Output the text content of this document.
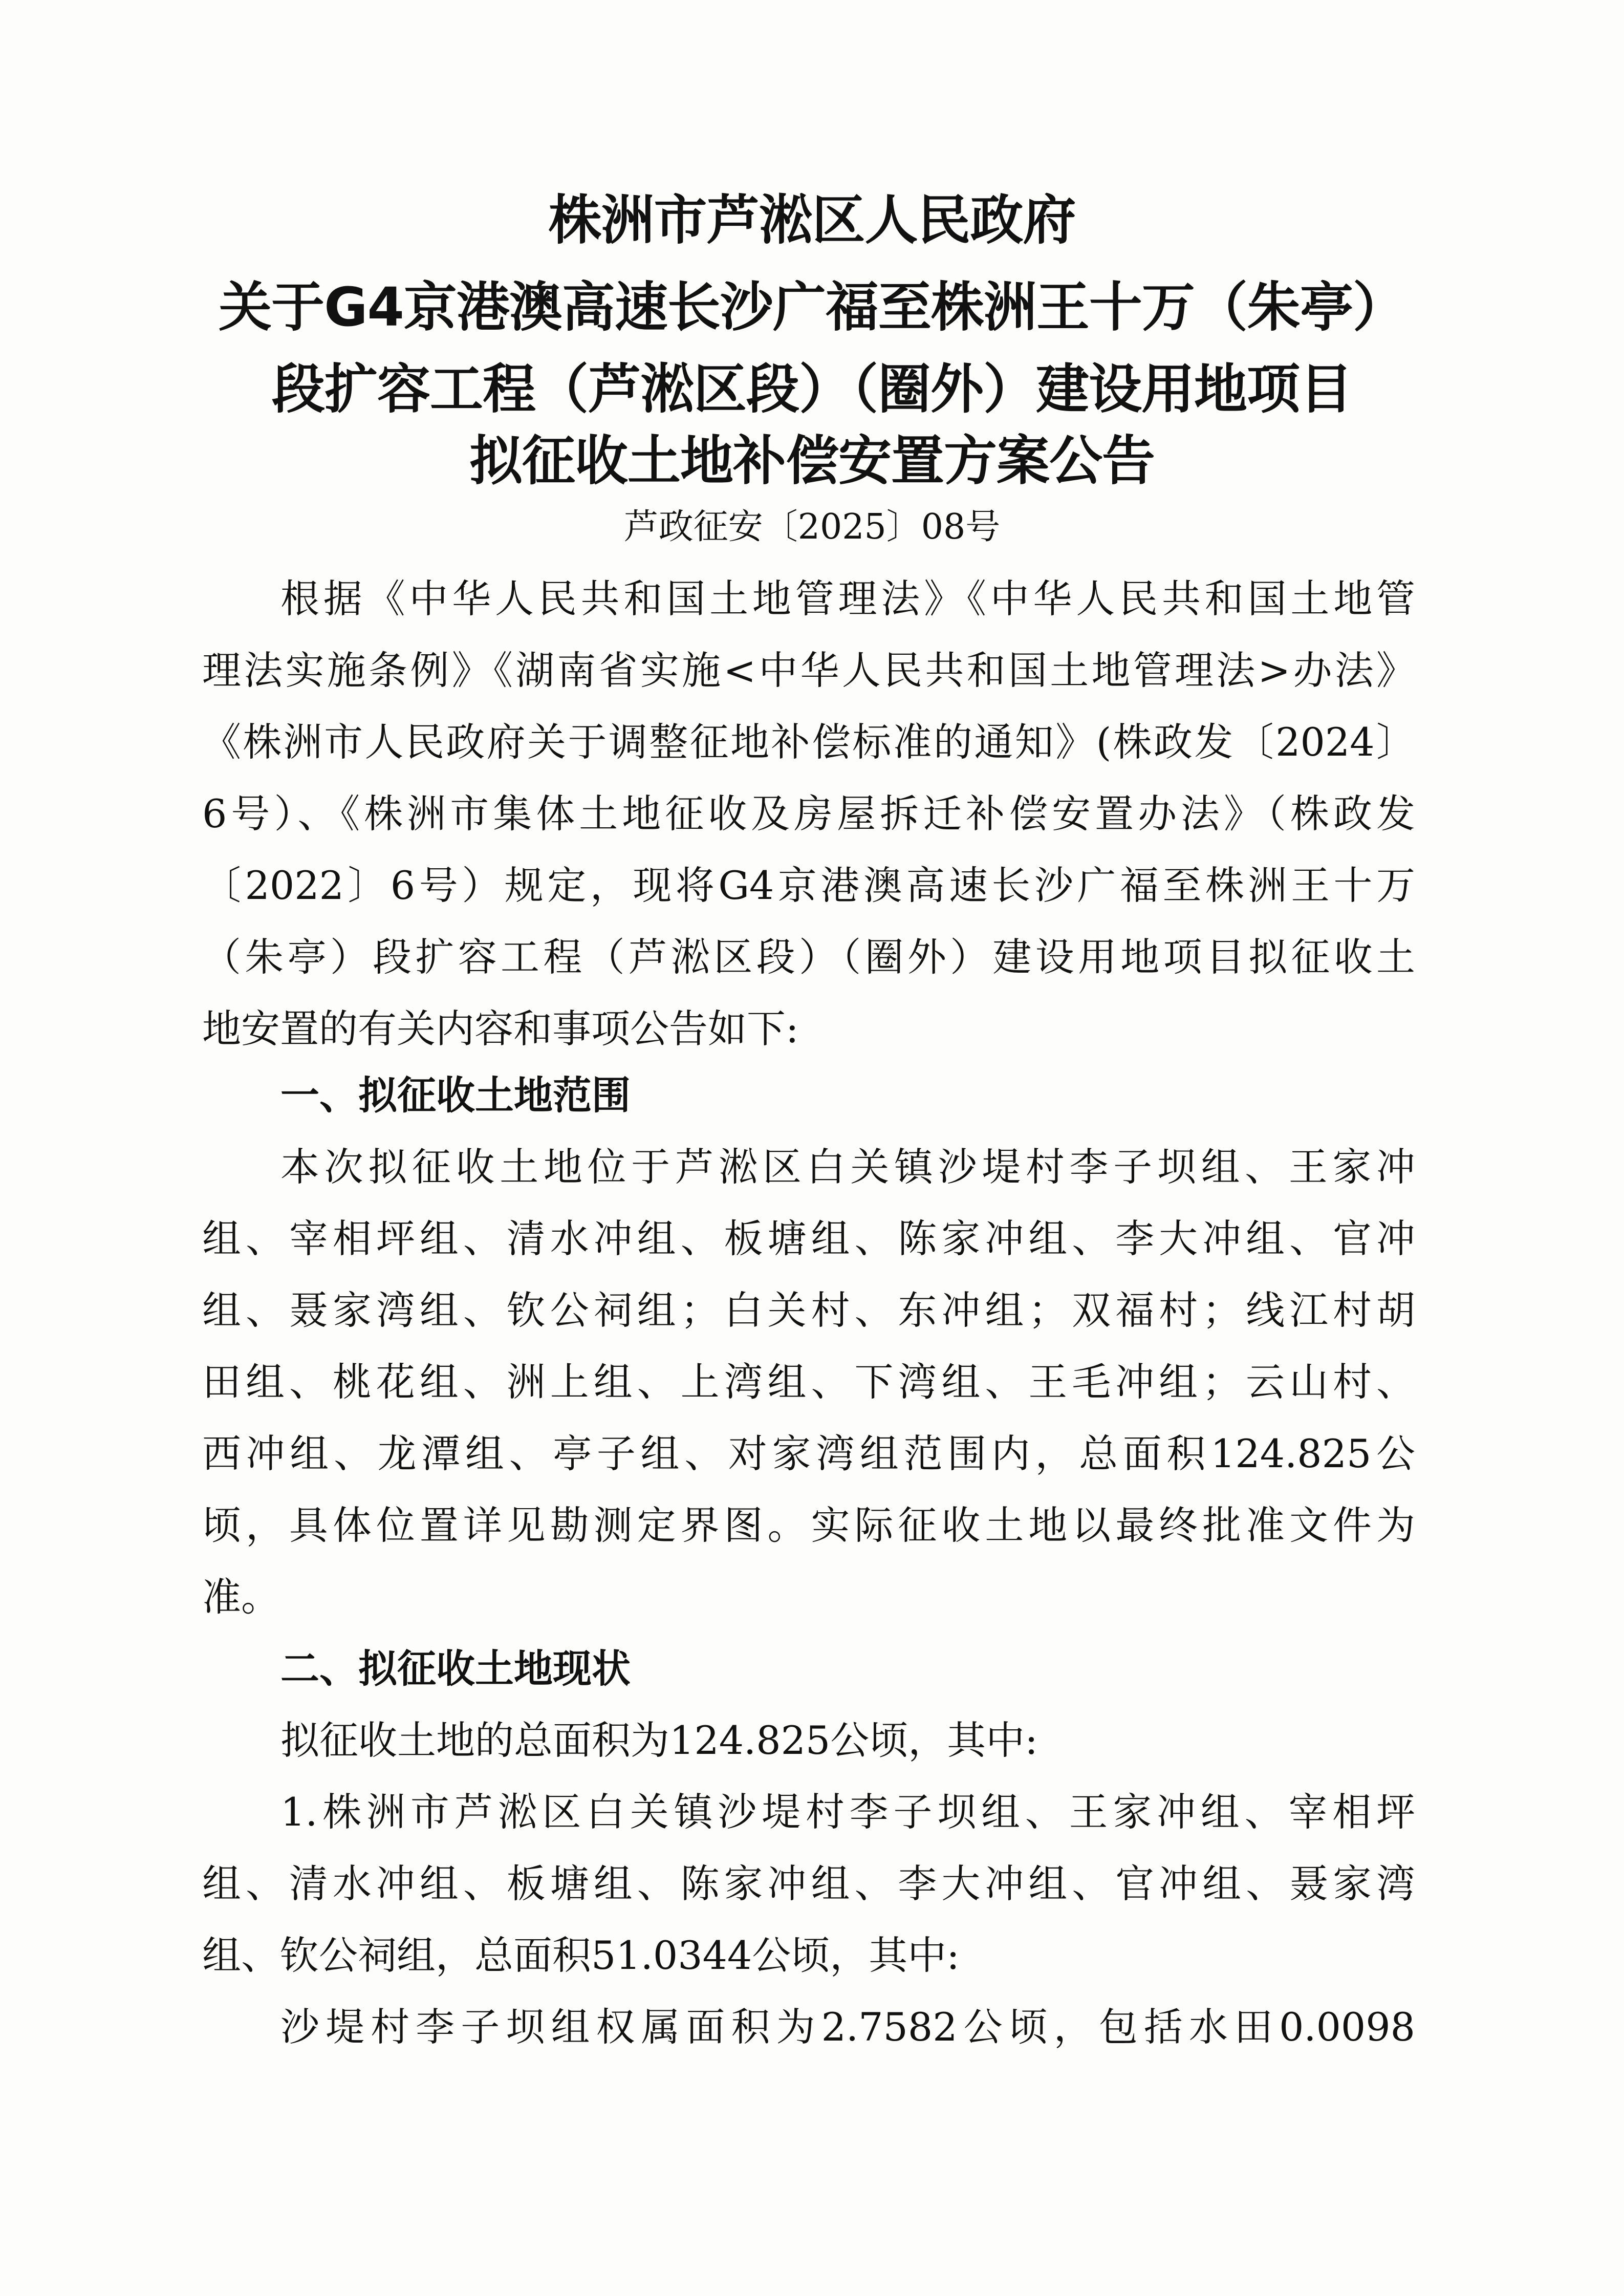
株洲市芦淞区人民政府
关于G4京港澳高速长沙广福至株洲王十万（朱亭）
段扩容工程（芦淞区段）（圈外）建设用地项目
拟征收土地补偿安置方案公告
芦政征安〔2025〕08号
根据《中华人民共和国土地管理法》《中华人民共和国土地管
理法实施条例》《湖南省实施<中华人民共和国土地管理法>办法》
《株洲市人民政府关于调整征地补偿标准的通知》(株政发〔2024〕
6号）、《株洲市集体土地征收及房屋拆迁补偿安置办法》（株政发
〔2022〕6号）规定，现将G4京港澳高速长沙广福至株洲王十万
（朱亭）段扩容工程（芦淞区段）（圈外）建设用地项目拟征收土
地安置的有关内容和事项公告如下:
一、拟征收土地范围
本次拟征收土地位于芦淞区白关镇沙堤村李子坝组、王家冲
组、宰相坪组、清水冲组、板塘组、陈家冲组、李大冲组、官冲
组、聂家湾组、钦公祠组；白关村、东冲组；双福村；线江村胡
田组、桃花组、洲上组、上湾组、下湾组、王毛冲组；云山村、
西冲组、龙潭组、亭子组、对家湾组范围内，总面积124.825公
顷，具体位置详见勘测定界图。实际征收土地以最终批准文件为
准。
二、拟征收土地现状
拟征收土地的总面积为124.825公顷，其中:
1.株洲市芦淞区白关镇沙堤村李子坝组、王家冲组、宰相坪
组、清水冲组、板塘组、陈家冲组、李大冲组、官冲组、聂家湾
组、钦公祠组，总面积51.0344公顷，其中:
沙堤村李子坝组权属面积为2.7582公顷，包括水田0.0098
